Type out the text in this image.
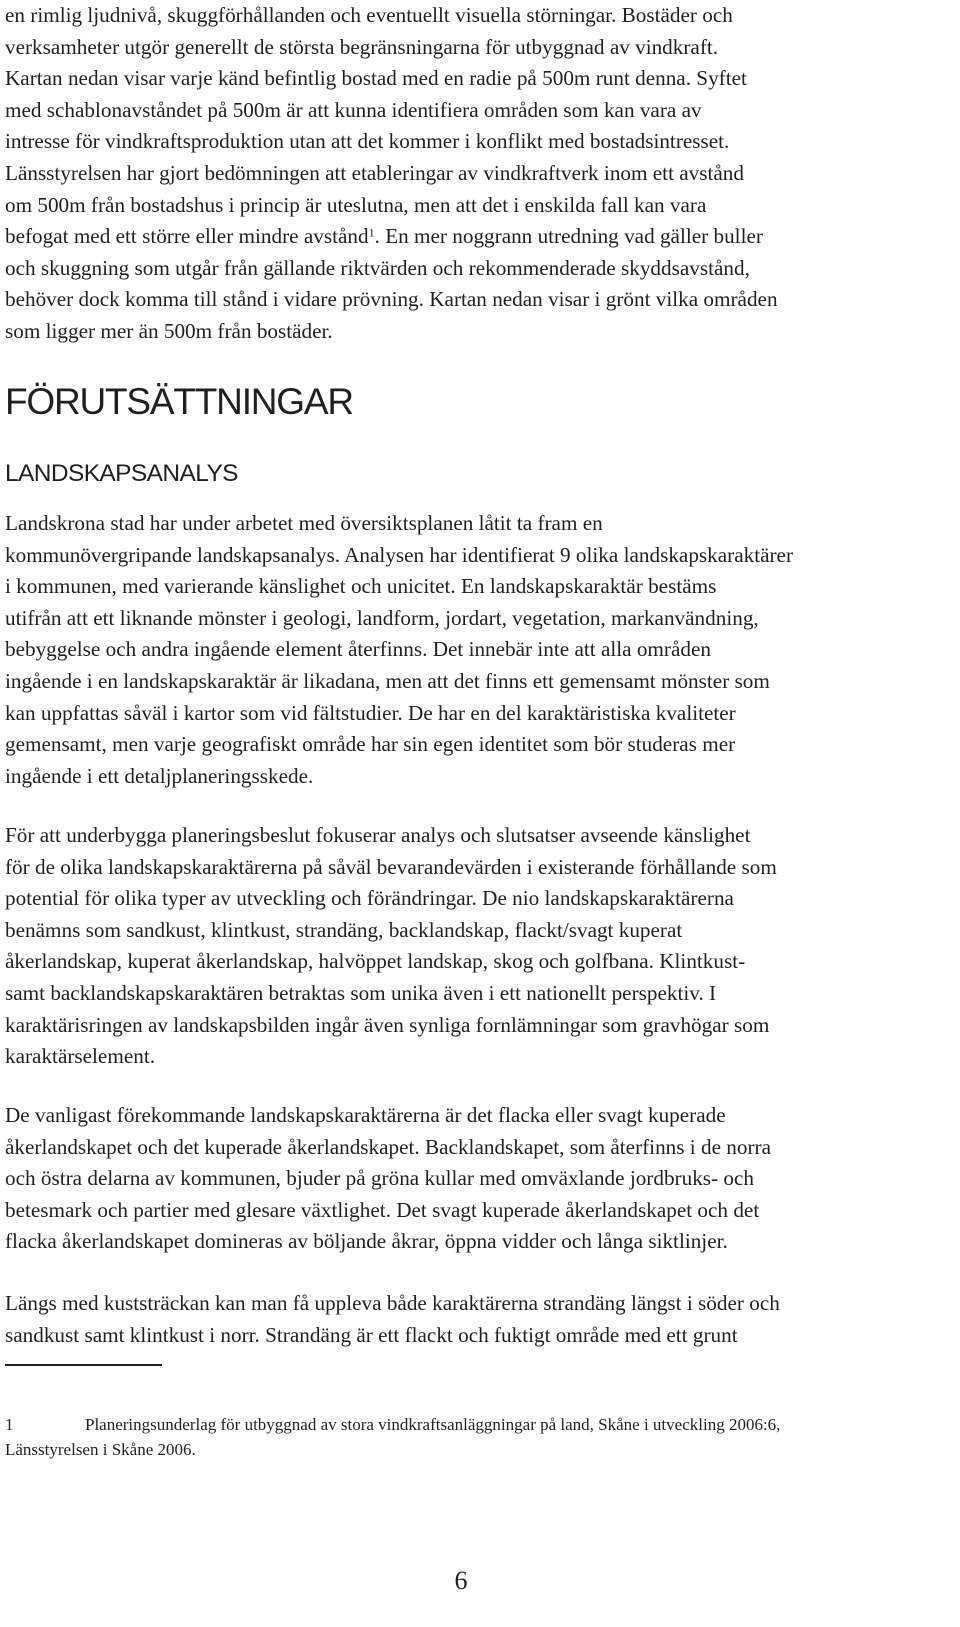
en rimlig ljudnivå, skuggförhållanden och eventuellt visuella störningar. Bostäder och
verksamheter utgör generellt de största begränsningarna för utbyggnad av vindkraft.
Kartan nedan visar varje känd befintlig bostad med en radie på 500m runt denna. Syftet
med schablonavståndet på 500m är att kunna identifiera områden som kan vara av
intresse för vindkraftsproduktion utan att det kommer i konflikt med bostadsintresset.
Länsstyrelsen har gjort bedömningen att etableringar av vindkraftverk inom ett avstånd
om 500m från bostadshus i princip är uteslutna, men att det i enskilda fall kan vara
befogat med ett större eller mindre avstånd$^1$. En mer noggrann utredning vad gäller buller
och skuggning som utgår från gällande riktvärden och rekommenderade skyddsavstånd,
behöver dock komma till stånd i vidare prövning. Kartan nedan visar i grönt vilka områden
som ligger mer än 500m från bostäder.

FÖRUTSÄTTNINGAR
LANDSKAPSANALYS

Landskrona stad har under arbetet med översiktsplanen låtit ta fram en
kommunövergripande landskapsanalys. Analysen har identifierat 9 olika landskapskaraktärer
i kommunen, med varierande känslighet och unicitet. En landskapskaraktär bestäms
utifrån att ett liknande mönster i geologi, landform, jordart, vegetation, markanvändning,
bebyggelse och andra ingående element återfinns. Det innebär inte att alla områden
ingående i en landskapskaraktär är likadana, men att det finns ett gemensamt mönster som
kan uppfattas såväl i kartor som vid fältstudier. De har en del karaktäristiska kvaliteter
gemensamt, men varje geografiskt område har sin egen identitet som bör studeras mer
ingående i ett detaljplaneringsskede.

För att underbygga planeringsbeslut fokuserar analys och slutsatser avseende känslighet
för de olika landskapskaraktärerna på såväl bevarandevärden i existerande förhållande som
potential för olika typer av utveckling och förändringar. De nio landskapskaraktärerna
benämns som sandkust, klintkust, strandäng, backlandskap, flackt/svagt kuperat
åkerlandskap, kuperat åkerlandskap, halvöppet landskap, skog och golfbana. Klintkust-
samt backlandskapskaraktären betraktas som unika även i ett nationellt perspektiv. I
karaktärisringen av landskapsbilden ingår även synliga fornlämningar som gravhögar som
karaktärselement.

De vanligast förekommande landskapskaraktärerna är det flacka eller svagt kuperade
åkerlandskapet och det kuperade åkerlandskapet. Backlandskapet, som återfinns i de norra
och östra delarna av kommunen, bjuder på gröna kullar med omväxlande jordbruks- och
betesmark och partier med glesare växtlighet. Det svagt kuperade åkerlandskapet och det
flacka åkerlandskapet domineras av böljande åkrar, öppna vidder och långa siktlinjer.

Längs med kuststräckan kan man få uppleva både karaktärerna strandäng längst i söder och
sandkust samt klintkust i norr. Strandäng är ett flackt och fuktigt område med ett grunt

1	Planeringsunderlag för utbyggnad av stora vindkraftsanläggningar på land, Skåne i utveckling 2006:6,
Länsstyrelsen i Skåne 2006.
6
